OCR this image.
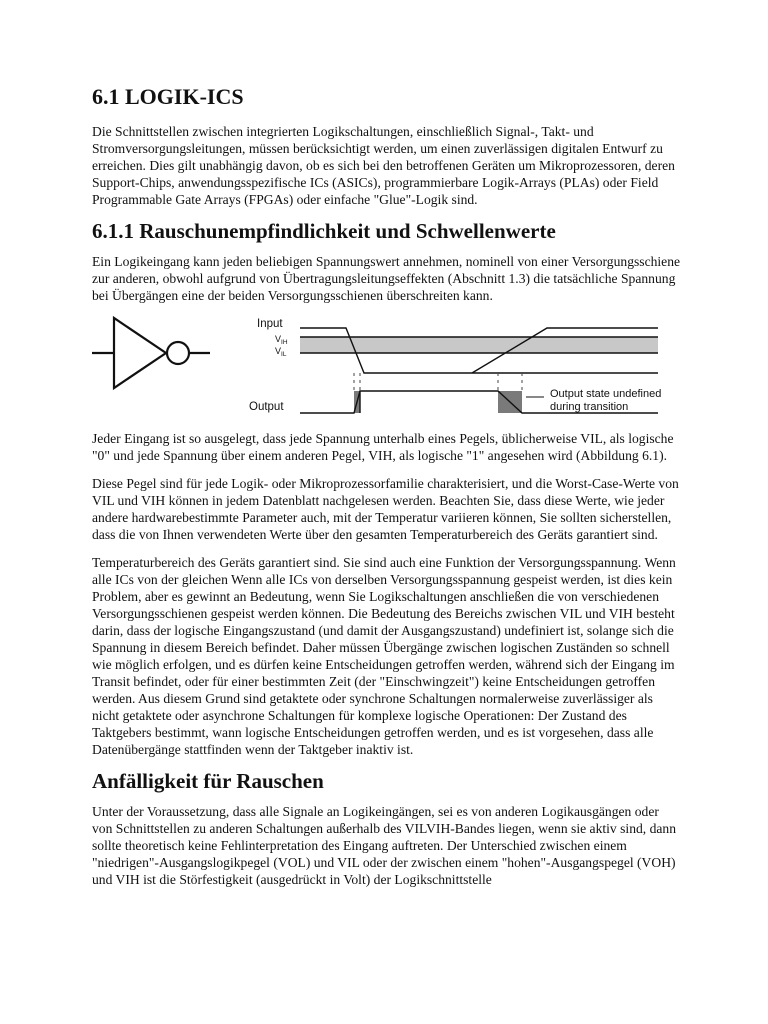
6.1 LOGIK-ICS

Die Schnittstellen zwischen integrierten Logikschaltungen, einschließlich Signal-, Takt- und Stromversorgungsleitungen, müssen berücksichtigt werden, um einen zuverlässigen digitalen Entwurf zu erreichen. Dies gilt unabhängig davon, ob es sich bei den betroffenen Geräten um Mikroprozessoren, deren Support-Chips, anwendungsspezifische ICs (ASICs), programmierbare Logik-Arrays (PLAs) oder Field Programmable Gate Arrays (FPGAs) oder einfache "Glue"-Logik sind.

6.1.1 Rauschunempfindlichkeit und Schwellenwerte

Ein Logikeingang kann jeden beliebigen Spannungswert annehmen, nominell von einer Versorgungsschiene zur anderen, obwohl aufgrund von Übertragungsleitungseffekten (Abschnitt 1.3) die tatsächliche Spannung bei Übergängen eine der beiden Versorgungsschienen überschreiten kann.

Input
$V_{IH}$
$V_{IL}$
Output
Output state undefined
during transition

Jeder Eingang ist so ausgelegt, dass jede Spannung unterhalb eines Pegels, üblicherweise VIL, als logische "0" und jede Spannung über einem anderen Pegel, VIH, als logische "1" angesehen wird (Abbildung 6.1).

Diese Pegel sind für jede Logik- oder Mikroprozessorfamilie charakterisiert, und die Worst-Case-Werte von VIL und VIH können in jedem Datenblatt nachgelesen werden. Beachten Sie, dass diese Werte, wie jeder andere hardwarebestimmte Parameter auch, mit der Temperatur variieren können, Sie sollten sicherstellen, dass die von Ihnen verwendeten Werte über den gesamten Temperaturbereich des Geräts garantiert sind.

Temperaturbereich des Geräts garantiert sind. Sie sind auch eine Funktion der Versorgungsspannung. Wenn alle ICs von der gleichen Wenn alle ICs von derselben Versorgungsspannung gespeist werden, ist dies kein Problem, aber es gewinnt an Bedeutung, wenn Sie Logikschaltungen anschließen die von verschiedenen Versorgungsschienen gespeist werden können. Die Bedeutung des Bereichs zwischen VIL und VIH besteht darin, dass der logische Eingangszustand (und damit der Ausgangszustand) undefiniert ist, solange sich die Spannung in diesem Bereich befindet. Daher müssen Übergänge zwischen logischen Zuständen so schnell wie möglich erfolgen, und es dürfen keine Entscheidungen getroffen werden, während sich der Eingang im Transit befindet, oder für einer bestimmten Zeit (der "Einschwingzeit") keine Entscheidungen getroffen werden. Aus diesem Grund sind getaktete oder synchrone Schaltungen normalerweise zuverlässiger als nicht getaktete oder asynchrone Schaltungen für komplexe logische Operationen: Der Zustand des Taktgebers bestimmt, wann logische Entscheidungen getroffen werden, und es ist vorgesehen, dass alle Datenübergänge stattfinden wenn der Taktgeber inaktiv ist.

Anfälligkeit für Rauschen

Unter der Voraussetzung, dass alle Signale an Logikeingängen, sei es von anderen Logikausgängen oder von Schnittstellen zu anderen Schaltungen außerhalb des VILVIH-Bandes liegen, wenn sie aktiv sind, dann sollte theoretisch keine Fehlinterpretation des Eingang auftreten. Der Unterschied zwischen einem "niedrigen"-Ausgangslogikpegel (VOL) und VIL oder der zwischen einem "hohen"-Ausgangspegel (VOH) und VIH ist die Störfestigkeit (ausgedrückt in Volt) der Logikschnittstelle
